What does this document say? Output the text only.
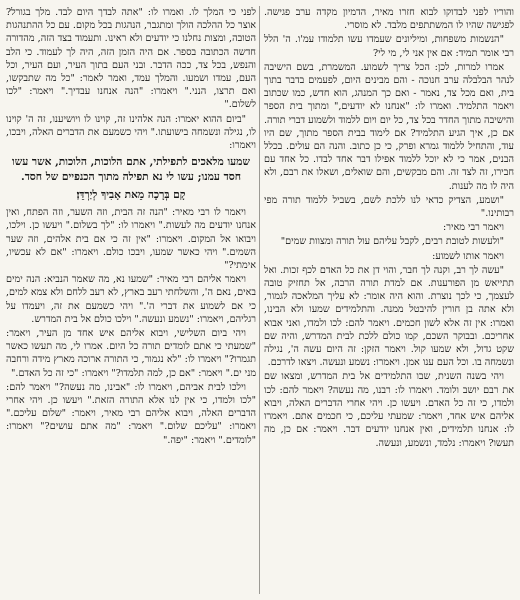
והוריו לפני לבדוקו לבוא חזרו מאיר, הדמיון מקדה ערב פגישה. לפגישה שהיו לו המשתתפים מלבד. לא מוסרי.

"הנשמות משפחות, ומיליונים שעמדו עשו תלמודו עמ'ו. ה' הלל רבי אומר תמיד: אם אין אני לי, מי לי?

אמרו למרות, לכן: הכל צריך לשמוע. המשמרת, בשם הישיבה לנהר הבלבלה ערב חנוכה - והם מבינים היום, לפעמים בדבר בתוך בית, ואם מכל צד, נאמר - ואם כך המנהג, הוא חדש, כמו שכתוב ויאמר התלמיד. ואמרו לו: "אנחנו לא יודעים," ומתוך בית הספר והישיבה מתוך החדר בכל צד, כל יום ויום ללמוד ולשמוע דברי תורה. אם כן, איך הגיע התלמיד? אם לימוד בבית הספר מתוך, שם היו עוד, והתחיל ללמוד גמרא ופרק, כי כן כתוב. והנה הם עולים. בכלל הבנים, אמר כי לא יוכל ללמוד אפילו דבר אחד לבדו. כל אחד עם חבירו, זה לצד זה. והם מבקשים, והם שואלים, ושאלו את רבם, ולא היה לו מה לענות.

"ושמע, הצדיק כדאי לנו ללכת לשם, בשביל ללמוד תורה מפי רבותינו."

ויאמר רבי מאיר:

"ולעשות לטובת רבים, לקבל עליהם עול תורה ומצוות שמים"

ויאמר אותו לשמוע:

"עשה לך רב, וקנה לך חבר, והוי דן את כל האדם לכף זכות. ואל תתייאש מן הפורענות. אם למדת תורה הרבה, אל תחזיק טובה לעצמך, כי לכך נוצרת. והוא היה אומר: לא עליך המלאכה לגמור, ולא אתה בן חורין להיבטל ממנה. והתלמידים שמעו ולא הבינו, ואמרו: אין זה אלא לשון חכמים. ויאמר להם: לכו ולמדו, ואני אבוא אחריכם. ובבוקר השכם, קמו כולם ללכת לבית המדרש, והיה שם שקט גדול, ולא שמעו קול. ויאמר הזקן: זה היום עשה ה', נגילה ונשמחה בו. וכל העם ענו אמן. ויאמרו: נשמע ונעשה. ויצאו לדרכם.

ויהי בשנה השנית, שבו התלמידים אל בית המדרש, ומצאו שם את רבם יושב ולומד. ויאמרו לו: רבנו, מה נעשה? ויאמר להם: לכו ולמדו, כי זה כל האדם. ויעשו כן. ויהי אחרי הדברים האלה, ויבוא אליהם איש אחד, ויאמר: שמעתי עליכם, כי חכמים אתם. ויאמרו לו: אנחנו תלמידים, ואין אנחנו יודעים דבר. ויאמר: אם כן, מה תעשו? ויאמרו: נלמד, ונשמע, ונעשה.

לפני כי המלך לו. ואמרו לו: "אתה לבדך היום לבד. מלך בגורל? אוצר כל ההלכה הולך ומתגבר, הנהגות בכל מקום. עם כל ההתנהגות הטובה, ומצות נחלנו כי יודעים ולא ראינו. ותעמוד בצד הזה, מהדורה חדשה הכתובה בספר. אם היה הזמן הזה, היה לך לעמוד. כי הלב והנפש, בכל צד, ככה הדבר. ובני העם בתוך העיר, ועם העיר, וכל העם, עמדו ושמעו. והמלך עמד, ואמר לאמר: "כל מה שתבקשו, ואם תרצו, הנני." ויאמרו: "הנה אנחנו עבדיך." ויאמר: "לכו לשלום."

"ביום ההוא יאמרו: הנה אלהינו זה, קוינו לו ויושיענו, זה ה' קוינו לו, נגילה ונשמחה בישועתו." ויהי כשמעם את הדברים האלה, ויבכו, ויאמרו:

שמעו מלאכים לתפילתי, אתם הלוכות, הלוכות, אשר עשו חסד עמנו; עשו לי נא תפילה מתוך הכנפיים של חסד.
קָם בְּרָכָה מֵאת אָבִיךָ לְיַרְדֵּן׃

ויאמר לו רבי מאיר: "הנה זה הבית, וזה השער, וזה הפתח, ואין אנחנו יודעים מה לעשות." ויאמרו לו: "לך בשלום." ויעשו כן. וילכו, ויבואו אל המקום. ויאמרו: "אין זה כי אם בית אלהים, וזה שער השמים." ויהי כאשר שמעו, ויבכו כולם. ויאמרו: "אם לא עכשיו, אימתי?"

ויאמר אליהם רבי מאיר: "שמעו נא, מה שאמר הנביא: הנה ימים באים, נאם ה', והשלחתי רעב בארץ, לא רעב ללחם ולא צמא למים, כי אם לשמוע את דברי ה'." ויהי כשמעם את זה, ויעמדו על רגליהם, ויאמרו: "נשמע ונעשה." וילכו כולם אל בית המדרש.

ויהי ביום השלישי, ויבוא אליהם איש אחד מן העיר, ויאמר: "שמעתי כי אתם לומדים תורה כל היום. אמרו לי, מה תעשו כאשר תגמרו?" ויאמרו לו: "לא נגמור, כי התורה ארוכה מארץ מידה ורחבה מני ים." ויאמר: "אם כן, למה תלמדו?" ויאמרו: "כי זה כל האדם."

וילכו לבית אביהם, ויאמרו לו: "אבינו, מה נעשה?" ויאמר להם: "לכו ולמדו, כי אין לנו אלא התורה הזאת." ויעשו כן. ויהי אחרי הדברים האלה, ויבוא אליהם רבי מאיר, ויאמר: "שלום עליכם." ויאמרו: "עליכם שלום." ויאמר: "מה אתם עושים?" ויאמרו: "לומדים." ויאמר: "יפה."
